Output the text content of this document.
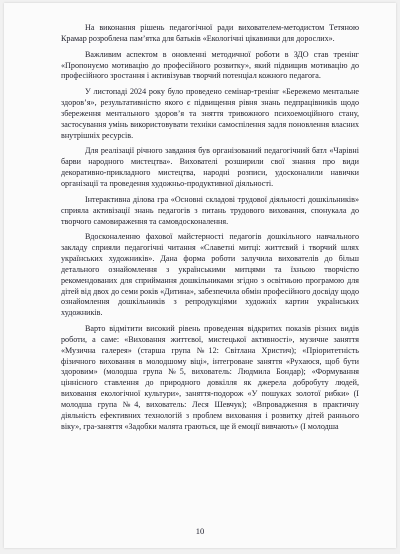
На виконання рішень педагогічної ради вихователем-методистом Тетяною Крамар розроблена пам’ятка для батьків «Екологічні цікавинки для дорослих».

Важливим аспектом в оновленні методичної роботи в ЗДО став тренінг «Пропонуємо мотивацію до професійного розвитку», який підвищив мотивацію до професійного зростання і активізував творчий потенціал кожного педагога.

У листопаді 2024 року було проведено семінар-тренінг «Бережемо ментальне здоров’я», результативністю якого є підвищення рівня знань педпрацівників щодо збереження ментального здоров’я та зняття тривожного психоемоційного стану, застосування умінь використовувати техніки самоспілення задля поновлення власних внутрішніх ресурсів.

Для реалізації річного завдання був організований педагогічний батл «Чарівні барви народного мистецтва». Вихователі розширили свої знання про види декоративно-прикладного мистецтва, народні розписи, удосконалили навички організації та проведення художньо-продуктивної діяльності.

Інтерактивна ділова гра «Основні складові трудової діяльності дошкільників» сприяла активізації знань педагогів з питань трудового виховання, спонукала до творчого самовираження та самовдосконалення.

Вдосконаленню фахової майстерності педагогів дошкільного навчального закладу сприяли педагогічні читання «Славетні митці: життєвий і творчий шлях українських художників». Дана форма роботи залучила вихователів до більш детального ознайомлення з українськими митцями та їхньою творчістю рекомендованих для сприймання дошкільниками згідно з освітньою програмою для дітей від двох до семи років «Дитина», забезпечила обмін професійного досвіду щодо ознайомлення дошкільників з репродукціями художніх картин українських художників.

Варто відмітити високий рівень проведення відкритих показів різних видів роботи, а саме: «Виховання життєвої, мистецької активності», музичне заняття «Музична галерея» (старша група №12: Світлана Христич); «Пріоритетність фізичного виховання в молодшому віці», інтегроване заняття «Рухаюся, щоб бути здоровим» (молодша група №5, вихователь: Людмила Бондар); «Формування ціннісного ставлення до природного довкілля як джерела добробуту людей, виховання екологічної культури», заняття-подорож «У пошуках золотої рибки» (І молодша група №4, вихователь: Леся Шевчук); «Впровадження в практичну діяльність ефективних технологій з проблем виховання і розвитку дітей раннього віку», гра-заняття «Задобки малята граються, ще й емоції вивчають» (І молодша

10
